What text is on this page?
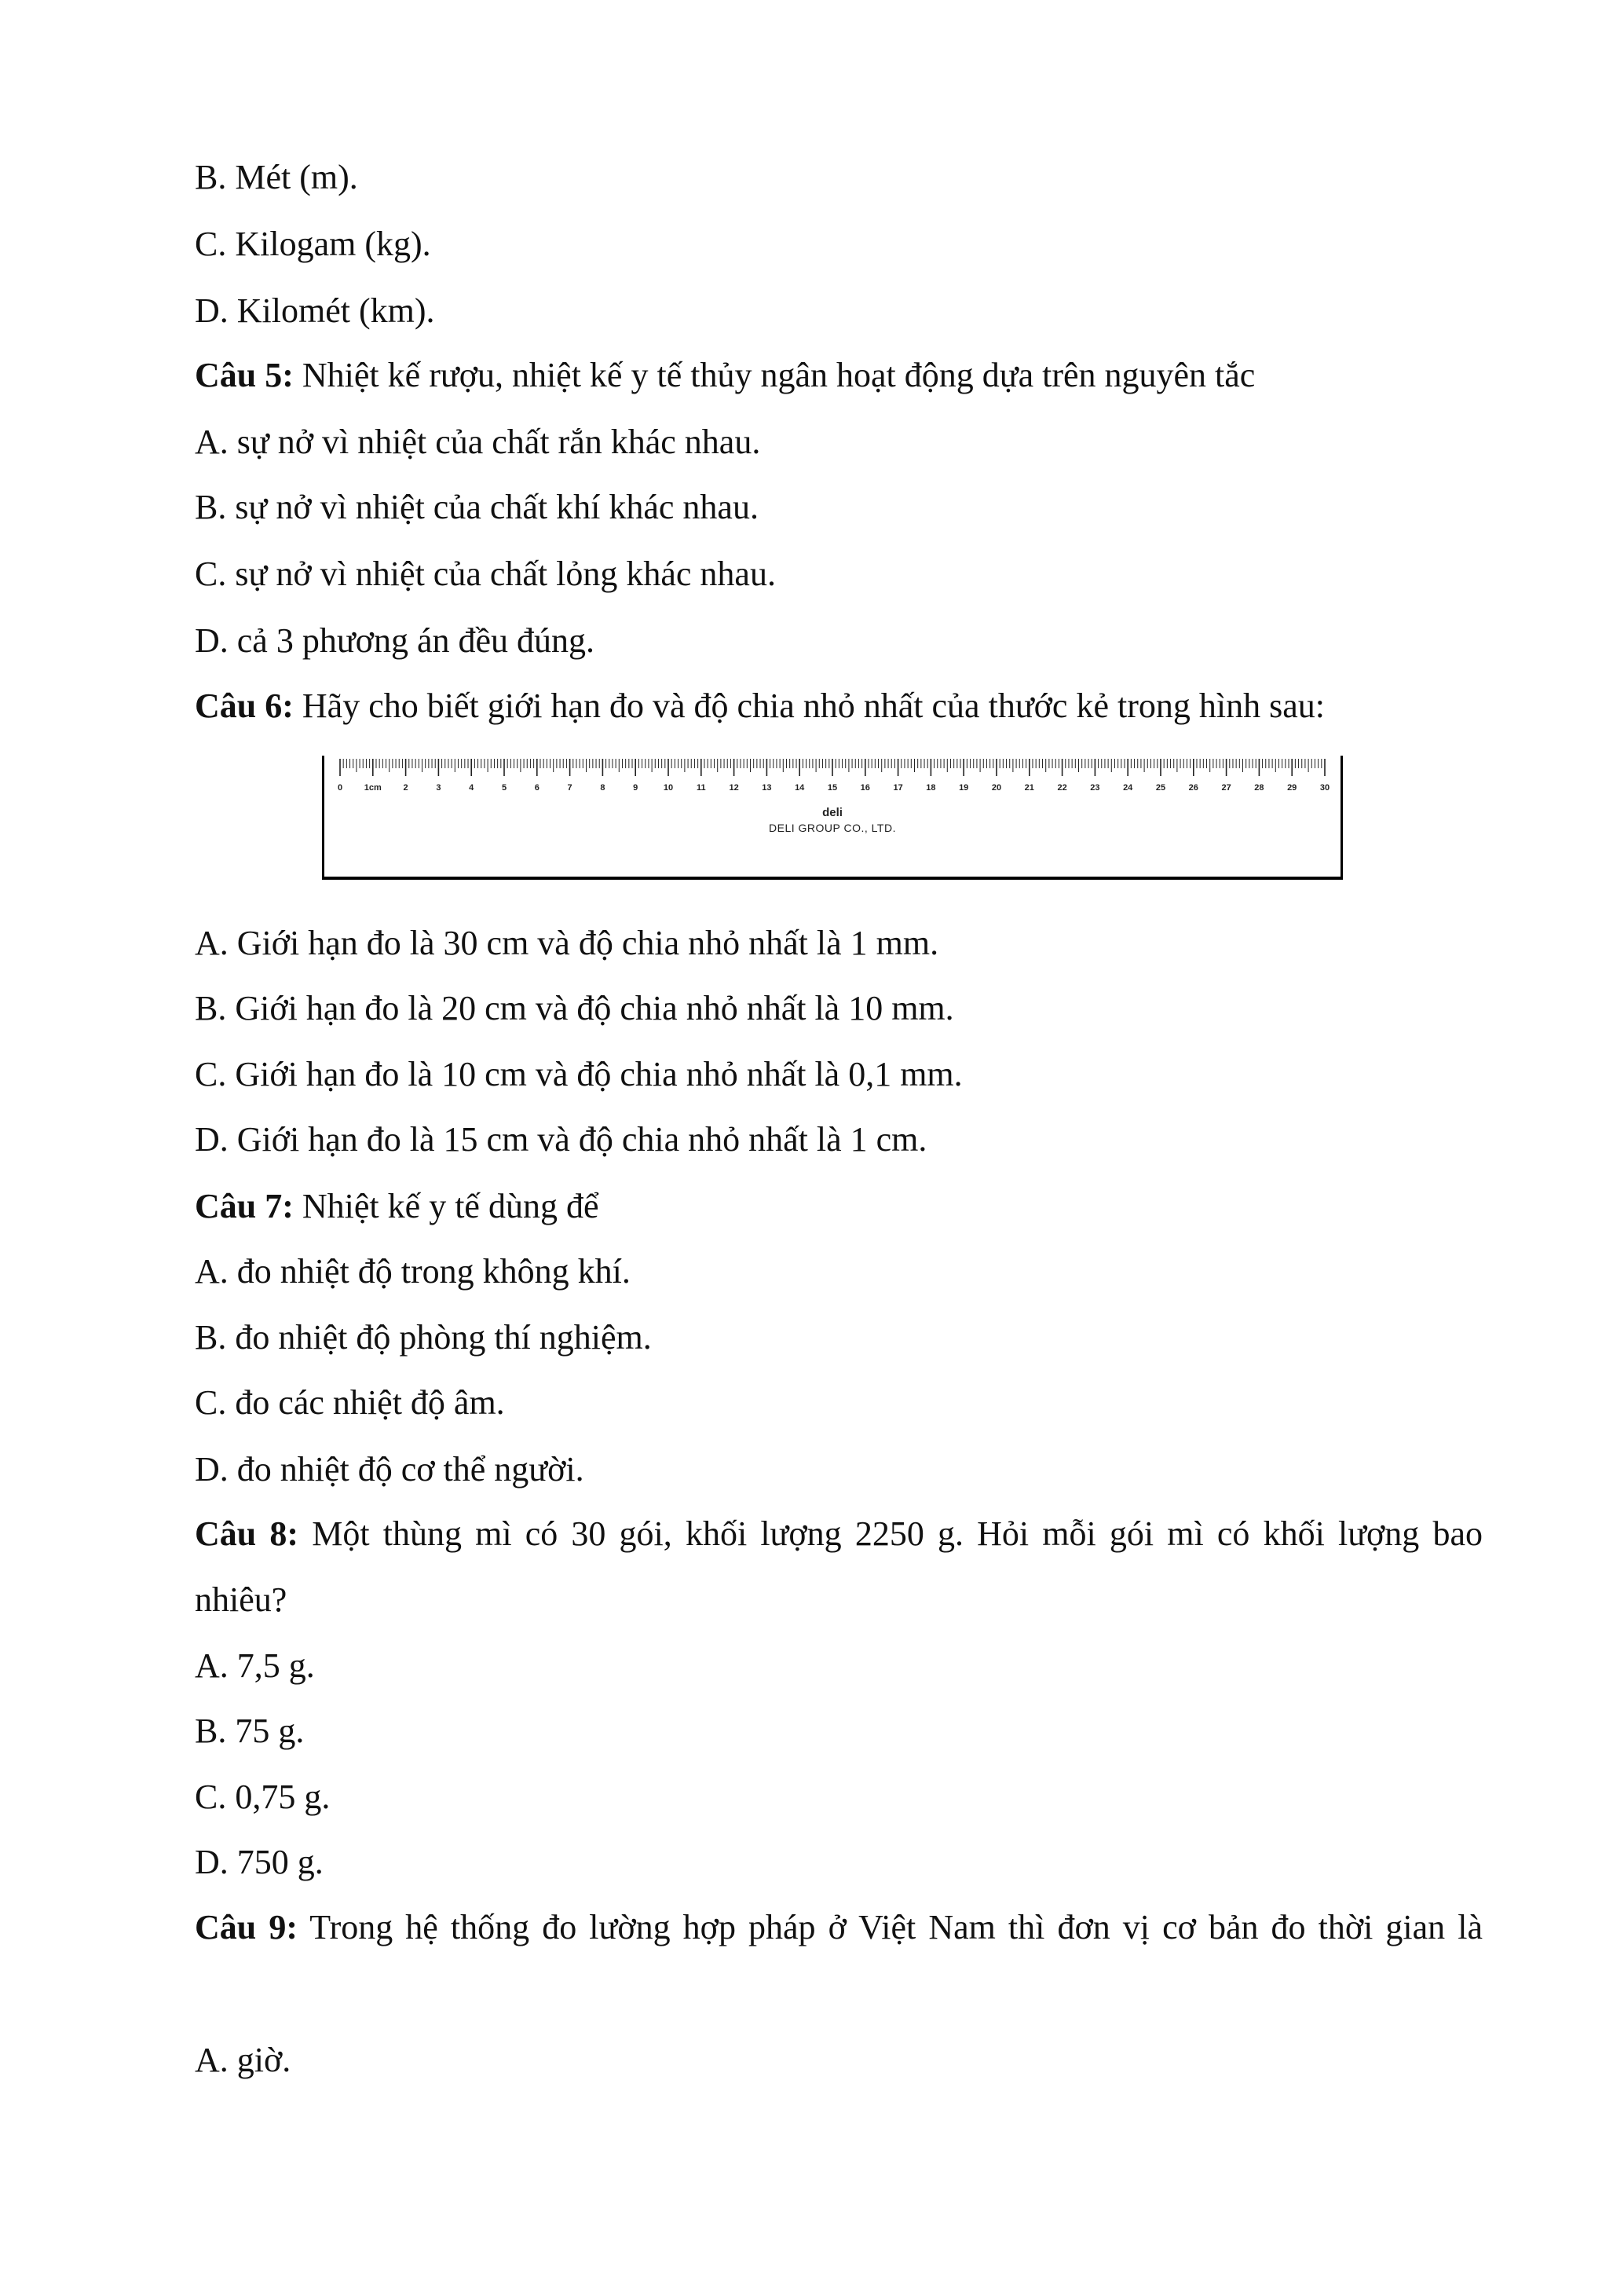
B. Mét (m).
C. Kilogam (kg).
D. Kilomét (km).
Câu 5: Nhiệt kế rượu, nhiệt kế y tế thủy ngân hoạt động dựa trên nguyên tắc
A. sự nở vì nhiệt của chất rắn khác nhau.
B. sự nở vì nhiệt của chất khí khác nhau.
C. sự nở vì nhiệt của chất lỏng khác nhau.
D. cả 3 phương án đều đúng.
Câu 6: Hãy cho biết giới hạn đo và độ chia nhỏ nhất của thước kẻ trong hình sau:
0	1cm	2	3	4	5	6	7	8	9	10	11	12	13	14	15	16	17	18	19	20	21	22	23	24	25	26	27	28	29	30
deli
DELI GROUP CO., LTD.
A. Giới hạn đo là 30 cm và độ chia nhỏ nhất là 1 mm.
B. Giới hạn đo là 20 cm và độ chia nhỏ nhất là 10 mm.
C. Giới hạn đo là 10 cm và độ chia nhỏ nhất là 0,1 mm.
D. Giới hạn đo là 15 cm và độ chia nhỏ nhất là 1 cm.
Câu 7: Nhiệt kế y tế dùng để
A. đo nhiệt độ trong không khí.
B. đo nhiệt độ phòng thí nghiệm.
C. đo các nhiệt độ âm.
D. đo nhiệt độ cơ thể người.
Câu 8: Một thùng mì có 30 gói, khối lượng 2250 g. Hỏi mỗi gói mì có khối lượng bao nhiêu?
A. 7,5 g.
B. 75 g.
C. 0,75 g.
D. 750 g.
Câu 9: Trong hệ thống đo lường hợp pháp ở Việt Nam thì đơn vị cơ bản đo thời gian là
A. giờ.
